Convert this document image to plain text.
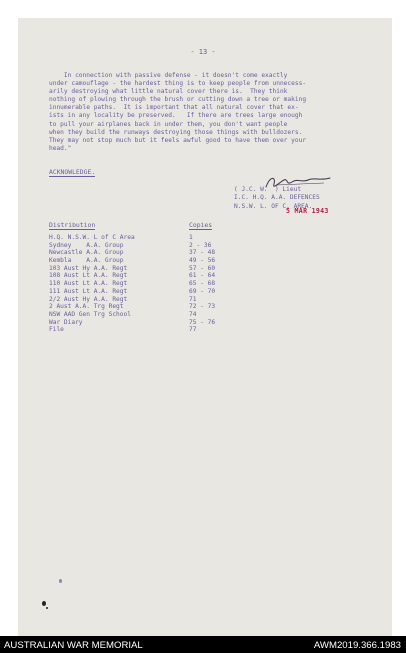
- 13 -
In connection with passive defense - it doesn't come exactly
under camouflage - the hardest thing is to keep people from unnecess-
arily destroying what little natural cover there is.  They think
nothing of plowing through the brush or cutting down a tree or making
innumerable paths.  It is important that all natural cover that ex-
ists in any locality be preserved.   If there are trees large enough
to pull your airplanes back in under them, you don't want people
when they build the runways destroying those things with bulldozers.
They may not stop much but it feels awful good to have them over your
head."
ACKNOWLEDGE.
( J.C. W.  ) Lieut
I.C. H.Q. A.A. DEFENCES
N.S.W. L. OF C. AREA.
5 MAR 1943
Distribution	Copies
H.Q. N.S.W. L of C Area	1
Sydney    A.A. Group	2 - 36
Newcastle A.A. Group	37 - 48
Kembla    A.A. Group	49 - 56
103 Aust Hy A.A. Regt	57 - 60
108 Aust Lt A.A. Regt	61 - 64
110 Aust Lt A.A. Regt	65 - 68
111 Aust Lt A.A. Regt	69 - 70
2/2 Aust Hy A.A. Regt	71
2 Aust A.A. Trg Regt	72 - 73
NSW AAD Gen Trg School	74
War Diary	75 - 76
File	77
AUSTRALIAN WAR MEMORIAL	AWM2019.366.1983
